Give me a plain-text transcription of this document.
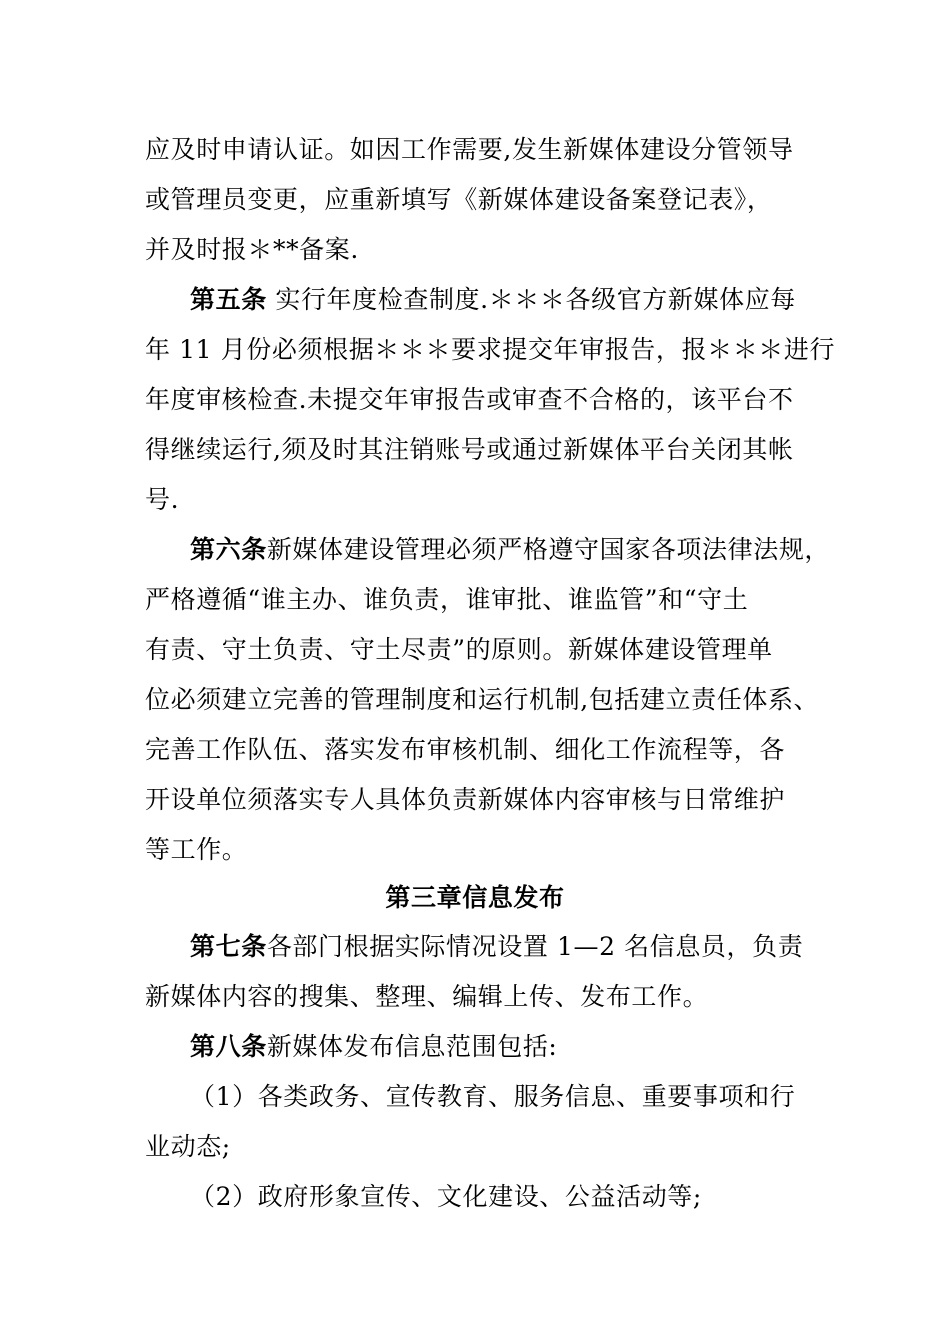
应及时申请认证。如因工作需要,发生新媒体建设分管领导
或管理员变更，应重新填写《新媒体建设备案登记表》，
并及时报＊**备案.
第五条 实行年度检查制度.＊＊＊各级官方新媒体应每
年 11 月份必须根据＊＊＊要求提交年审报告，报＊＊＊进行
年度审核检查.未提交年审报告或审查不合格的，该平台不
得继续运行,须及时其注销账号或通过新媒体平台关闭其帐
号.
第六条新媒体建设管理必须严格遵守国家各项法律法规，
严格遵循“谁主办、谁负责，谁审批、谁监管”和“守土
有责、守土负责、守土尽责”的原则。新媒体建设管理单
位必须建立完善的管理制度和运行机制,包括建立责任体系、
完善工作队伍、落实发布审核机制、细化工作流程等，各
开设单位须落实专人具体负责新媒体内容审核与日常维护
等工作。
第三章信息发布
第七条各部门根据实际情况设置 1—2 名信息员，负责
新媒体内容的搜集、整理、编辑上传、发布工作。
第八条新媒体发布信息范围包括:
（1）各类政务、宣传教育、服务信息、重要事项和行
业动态;
（2）政府形象宣传、文化建设、公益活动等;
